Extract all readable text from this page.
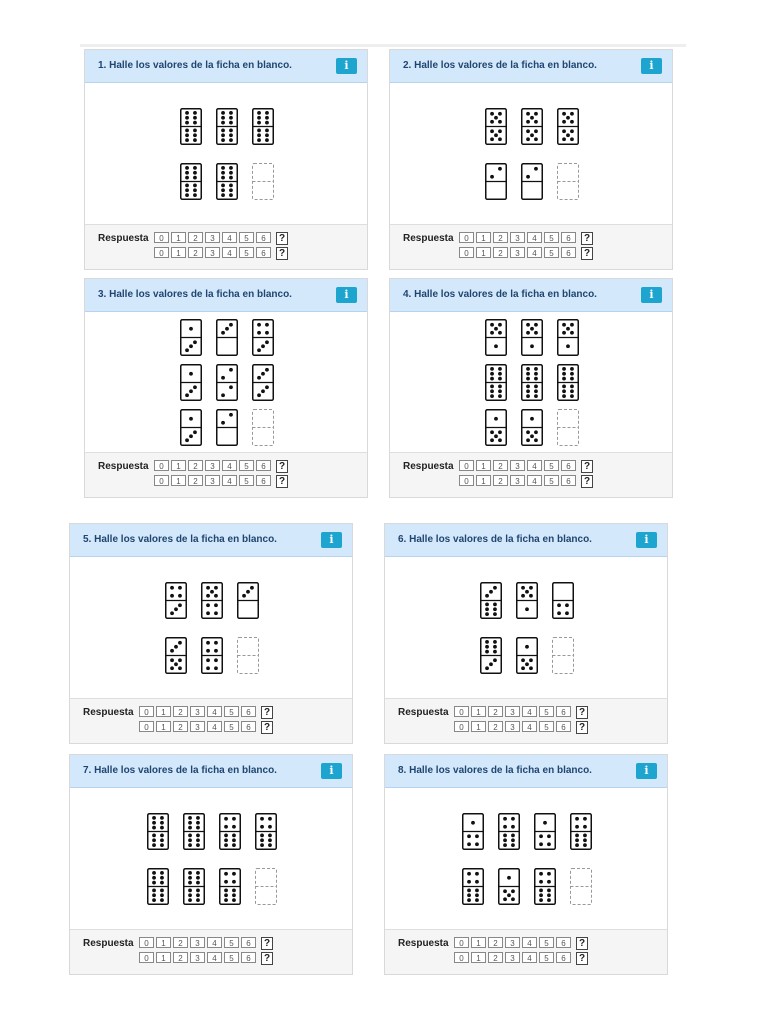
1. Halle los valores de la ficha en blanco.	i
Respuesta	0	1	2	3	4	5	6	?
0	1	2	3	4	5	6	?
2. Halle los valores de la ficha en blanco.	i
Respuesta	0	1	2	3	4	5	6	?
0	1	2	3	4	5	6	?
3. Halle los valores de la ficha en blanco.	i
Respuesta	0	1	2	3	4	5	6	?
0	1	2	3	4	5	6	?
4. Halle los valores de la ficha en blanco.	i
Respuesta	0	1	2	3	4	5	6	?
0	1	2	3	4	5	6	?
5. Halle los valores de la ficha en blanco.	i
Respuesta	0	1	2	3	4	5	6	?
0	1	2	3	4	5	6	?
6. Halle los valores de la ficha en blanco.	i
Respuesta	0	1	2	3	4	5	6	?
0	1	2	3	4	5	6	?
7. Halle los valores de la ficha en blanco.	i
Respuesta	0	1	2	3	4	5	6	?
0	1	2	3	4	5	6	?
8. Halle los valores de la ficha en blanco.	i
Respuesta	0	1	2	3	4	5	6	?
0	1	2	3	4	5	6	?
